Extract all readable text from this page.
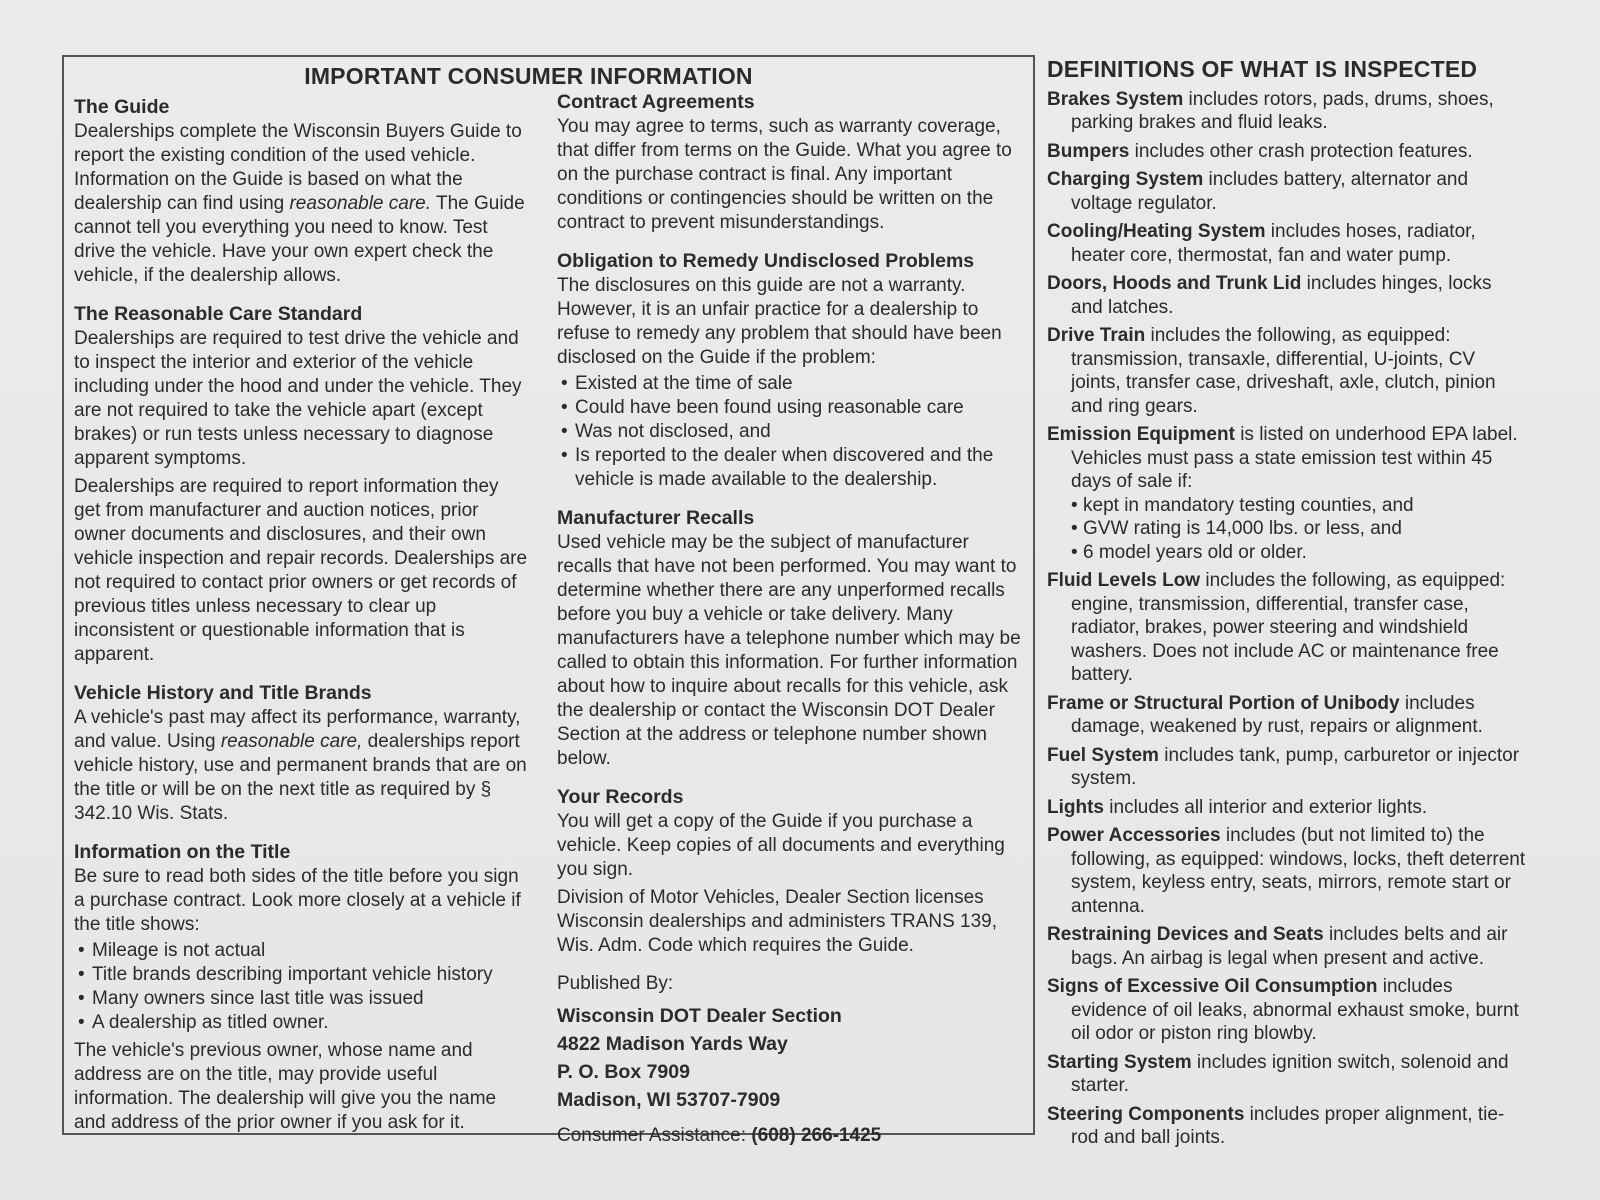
IMPORTANT CONSUMER INFORMATION
The Guide

Dealerships complete the Wisconsin Buyers Guide to report the existing condition of the used vehicle. Information on the Guide is based on what the dealership can find using reasonable care. The Guide cannot tell you everything you need to know. Test drive the vehicle. Have your own expert check the vehicle, if the dealership allows.

The Reasonable Care Standard

Dealerships are required to test drive the vehicle and to inspect the interior and exterior of the vehicle including under the hood and under the vehicle. They are not required to take the vehicle apart (except brakes) or run tests unless necessary to diagnose apparent symptoms.

Dealerships are required to report information they get from manufacturer and auction notices, prior owner documents and disclosures, and their own vehicle inspection and repair records. Dealerships are not required to contact prior owners or get records of previous titles unless necessary to clear up inconsistent or questionable information that is apparent.

Vehicle History and Title Brands

A vehicle's past may affect its performance, warranty, and value. Using reasonable care, dealerships report vehicle history, use and permanent brands that are on the title or will be on the next title as required by § 342.10 Wis. Stats.

Information on the Title

Be sure to read both sides of the title before you sign a purchase contract. Look more closely at a vehicle if the title shows:

• Mileage is not actual
• Title brands describing important vehicle history
• Many owners since last title was issued
• A dealership as titled owner.

The vehicle's previous owner, whose name and address are on the title, may provide useful information. The dealership will give you the name and address of the prior owner if you ask for it.

Contract Agreements

You may agree to terms, such as warranty coverage, that differ from terms on the Guide. What you agree to on the purchase contract is final. Any important conditions or contingencies should be written on the contract to prevent misunderstandings.

Obligation to Remedy Undisclosed Problems

The disclosures on this guide are not a warranty. However, it is an unfair practice for a dealership to refuse to remedy any problem that should have been disclosed on the Guide if the problem:

• Existed at the time of sale
• Could have been found using reasonable care
• Was not disclosed, and
• Is reported to the dealer when discovered and the vehicle is made available to the dealership.
Manufacturer Recalls

Used vehicle may be the subject of manufacturer recalls that have not been performed. You may want to determine whether there are any unperformed recalls before you buy a vehicle or take delivery. Many manufacturers have a telephone number which may be called to obtain this information. For further information about how to inquire about recalls for this vehicle, ask the dealership or contact the Wisconsin DOT Dealer Section at the address or telephone number shown below.

Your Records

You will get a copy of the Guide if you purchase a vehicle. Keep copies of all documents and everything you sign.

Division of Motor Vehicles, Dealer Section licenses Wisconsin dealerships and administers TRANS 139, Wis. Adm. Code which requires the Guide.

Published By:
Wisconsin DOT Dealer Section
4822 Madison Yards Way
P. O. Box 7909
Madison, WI 53707-7909
Consumer Assistance: (608) 266-1425
DEFINITIONS OF WHAT IS INSPECTED
Brakes System includes rotors, pads, drums, shoes, parking brakes and fluid leaks.
Bumpers includes other crash protection features.
Charging System includes battery, alternator and voltage regulator.
Cooling/Heating System includes hoses, radiator, heater core, thermostat, fan and water pump.
Doors, Hoods and Trunk Lid includes hinges, locks and latches.
Drive Train includes the following, as equipped: transmission, transaxle, differential, U-joints, CV joints, transfer case, driveshaft, axle, clutch, pinion and ring gears.
Emission Equipment is listed on underhood EPA label. Vehicles must pass a state emission test within 45 days of sale if:
• kept in mandatory testing counties, and
• GVW rating is 14,000 lbs. or less, and
• 6 model years old or older.
Fluid Levels Low includes the following, as equipped: engine, transmission, differential, transfer case, radiator, brakes, power steering and windshield washers. Does not include AC or maintenance free battery.
Frame or Structural Portion of Unibody includes damage, weakened by rust, repairs or alignment.
Fuel System includes tank, pump, carburetor or injector system.
Lights includes all interior and exterior lights.
Power Accessories includes (but not limited to) the following, as equipped: windows, locks, theft deterrent system, keyless entry, seats, mirrors, remote start or antenna.
Restraining Devices and Seats includes belts and air bags. An airbag is legal when present and active.
Signs of Excessive Oil Consumption includes evidence of oil leaks, abnormal exhaust smoke, burnt oil odor or piston ring blowby.
Starting System includes ignition switch, solenoid and starter.
Steering Components includes proper alignment, tie-rod and ball joints.
